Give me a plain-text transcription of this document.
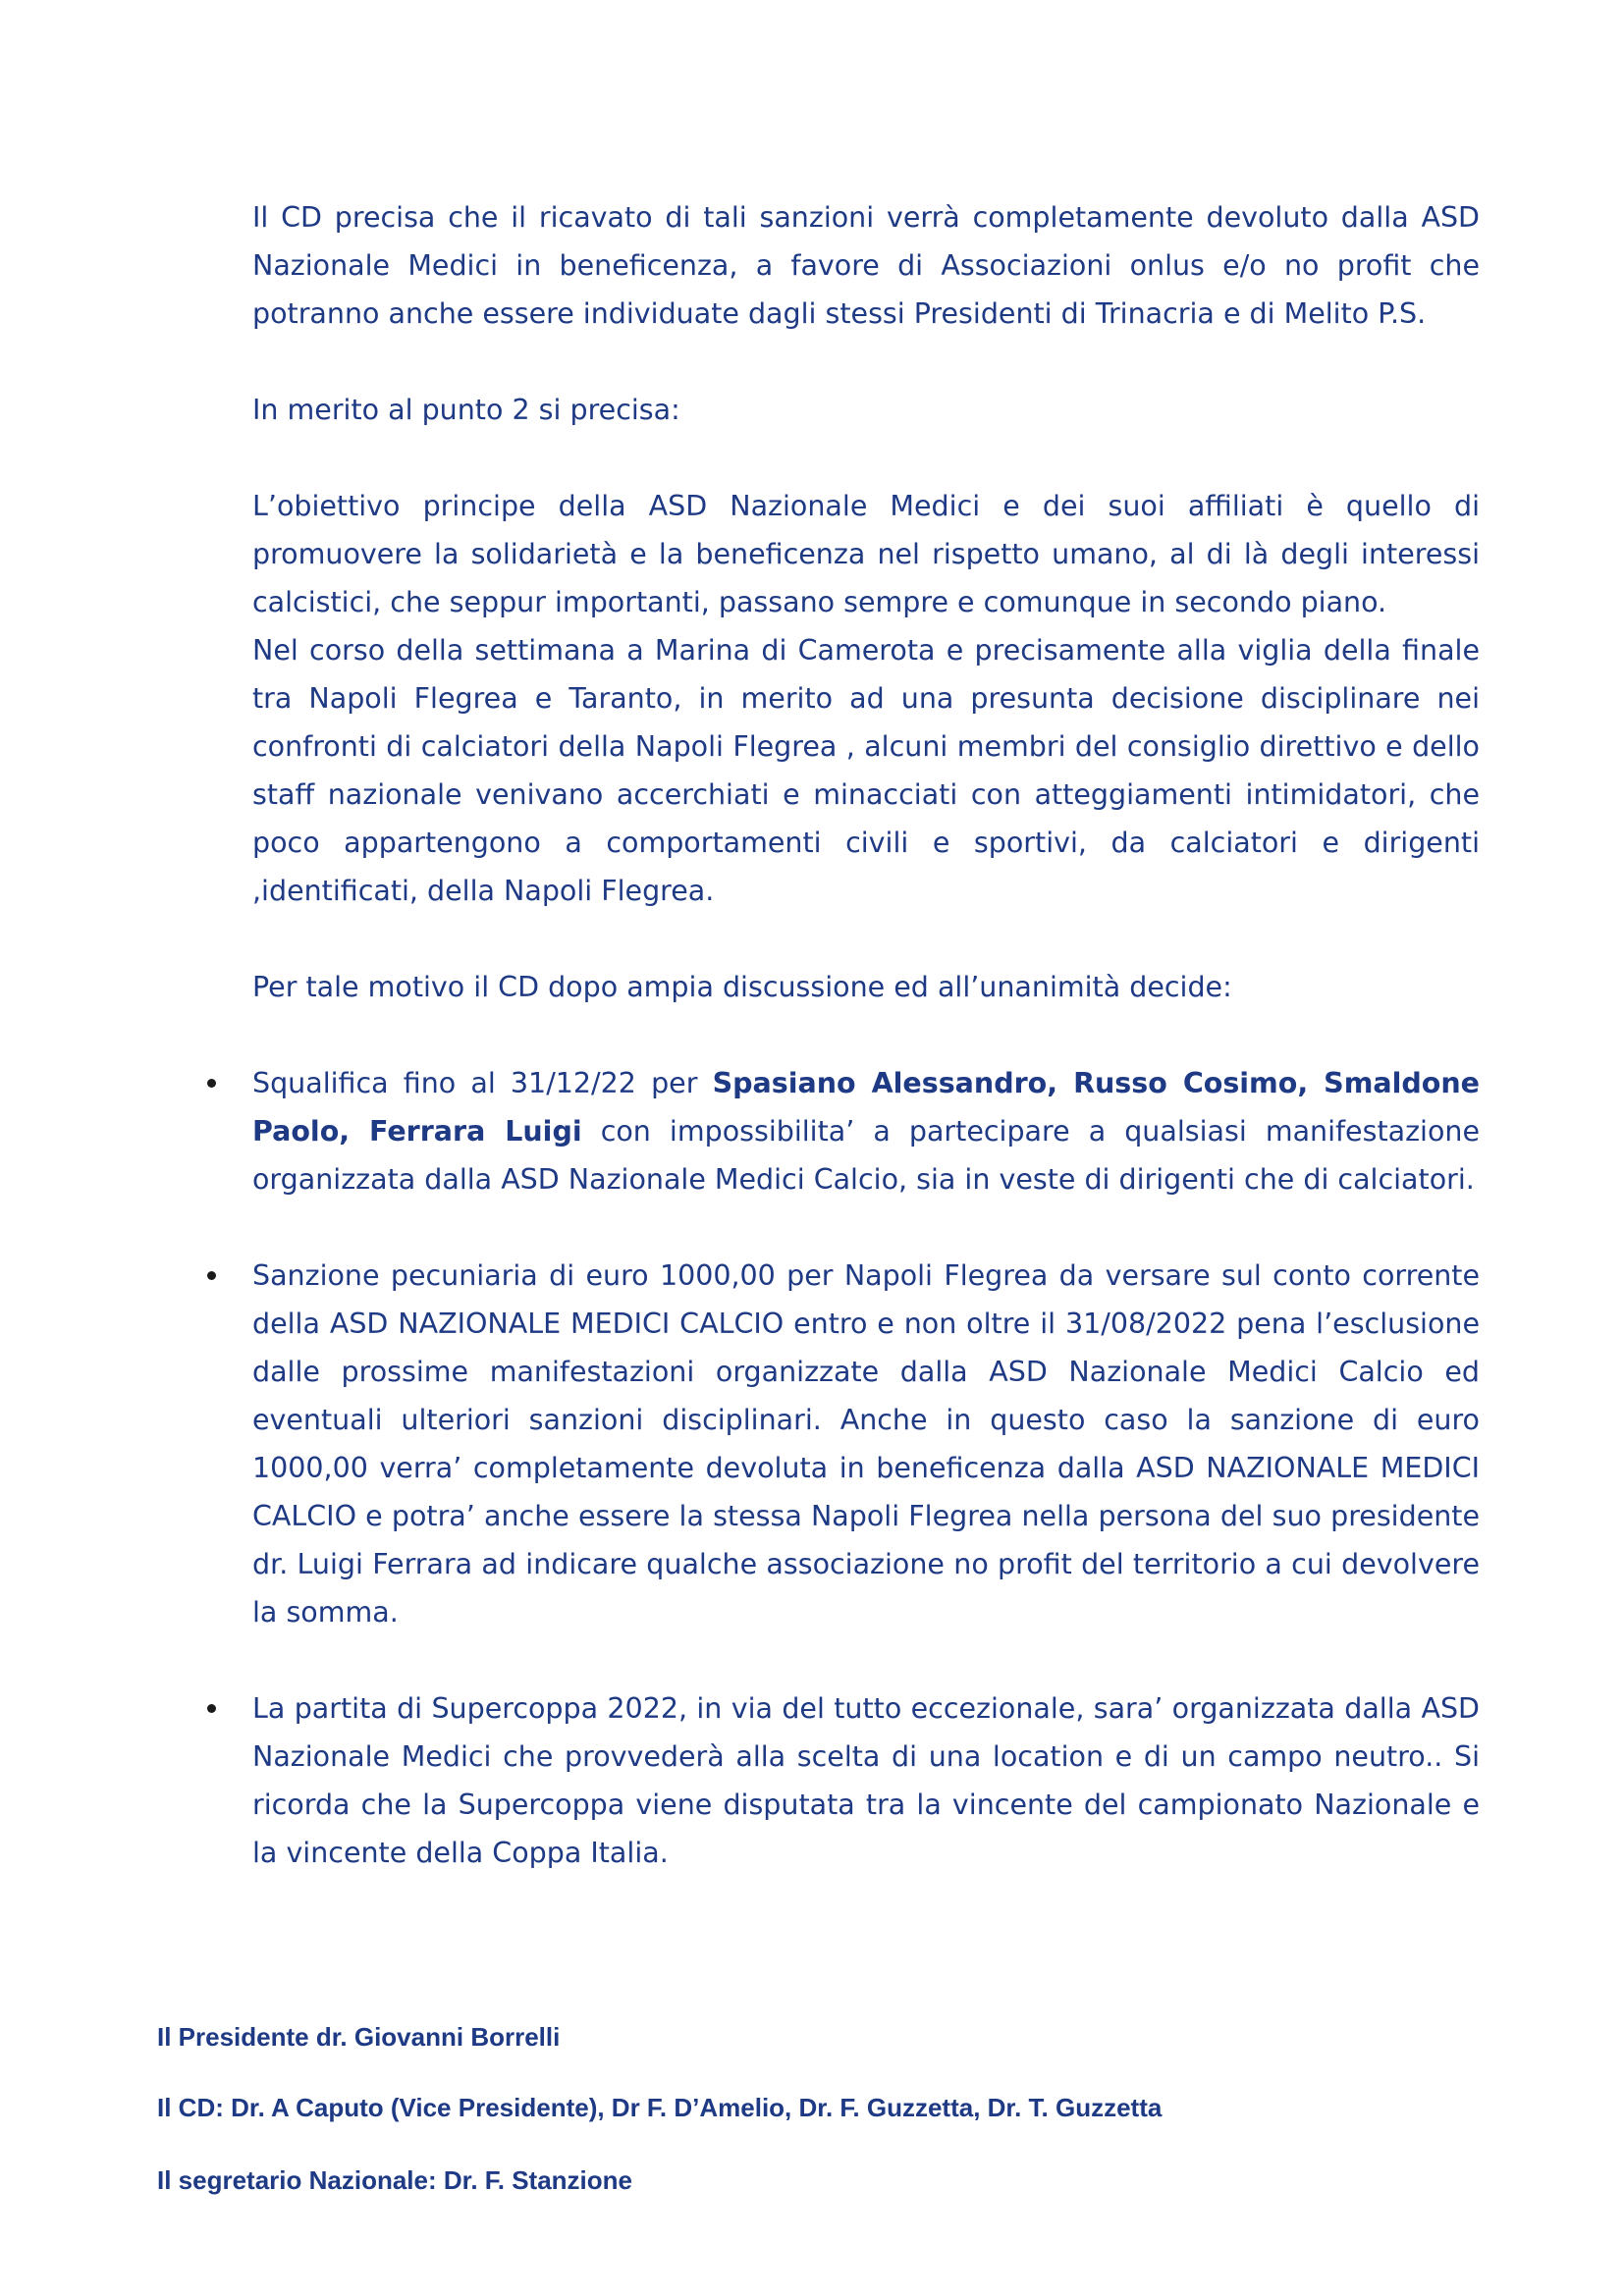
Il CD precisa che il ricavato di tali sanzioni verrà completamente devoluto dalla ASD Nazionale Medici in beneficenza, a favore di Associazioni onlus e/o no profit che potranno anche essere individuate dagli stessi Presidenti di Trinacria e di Melito P.S.

In merito al punto 2 si precisa:

L’obiettivo principe della ASD Nazionale Medici e dei suoi affiliati è quello di promuovere la solidarietà e la beneficenza nel rispetto umano, al di là degli interessi calcistici, che seppur importanti, passano sempre e comunque in secondo piano.

Nel corso della settimana a Marina di Camerota e precisamente alla viglia della finale tra Napoli Flegrea e Taranto, in merito ad una presunta decisione disciplinare nei confronti di calciatori della Napoli Flegrea , alcuni membri del consiglio direttivo e dello staff nazionale venivano accerchiati e minacciati con atteggiamenti intimidatori, che poco appartengono a comportamenti civili e sportivi, da calciatori e dirigenti ,identificati, della Napoli Flegrea.

Per tale motivo il CD dopo ampia discussione ed all’unanimità decide:

Squalifica fino al 31/12/22 per Spasiano Alessandro, Russo Cosimo, Smaldone Paolo, Ferrara Luigi con impossibilita’ a partecipare a qualsiasi manifestazione organizzata dalla ASD Nazionale Medici Calcio, sia in veste di dirigenti che di calciatori.
Sanzione pecuniaria di euro 1000,00 per Napoli Flegrea da versare sul conto corrente della ASD NAZIONALE MEDICI CALCIO entro e non oltre il 31/08/2022 pena l’esclusione dalle prossime manifestazioni organizzate dalla ASD Nazionale Medici Calcio ed eventuali ulteriori sanzioni disciplinari. Anche in questo caso la sanzione di euro 1000,00 verra’ completamente devoluta in beneficenza dalla ASD NAZIONALE MEDICI CALCIO e potra’ anche essere la stessa Napoli Flegrea nella persona del suo presidente dr. Luigi Ferrara ad indicare qualche associazione no profit del territorio a cui devolvere la somma.
La partita di Supercoppa 2022, in via del tutto eccezionale, sara’ organizzata dalla ASD Nazionale Medici che provvederà alla scelta di una location e di un campo neutro.. Si ricorda che la Supercoppa viene disputata tra la vincente del campionato Nazionale e la vincente della Coppa Italia.

Il Presidente dr. Giovanni Borrelli

Il CD: Dr. A Caputo (Vice Presidente), Dr F. D’Amelio, Dr. F. Guzzetta, Dr. T. Guzzetta

Il segretario Nazionale: Dr. F. Stanzione
